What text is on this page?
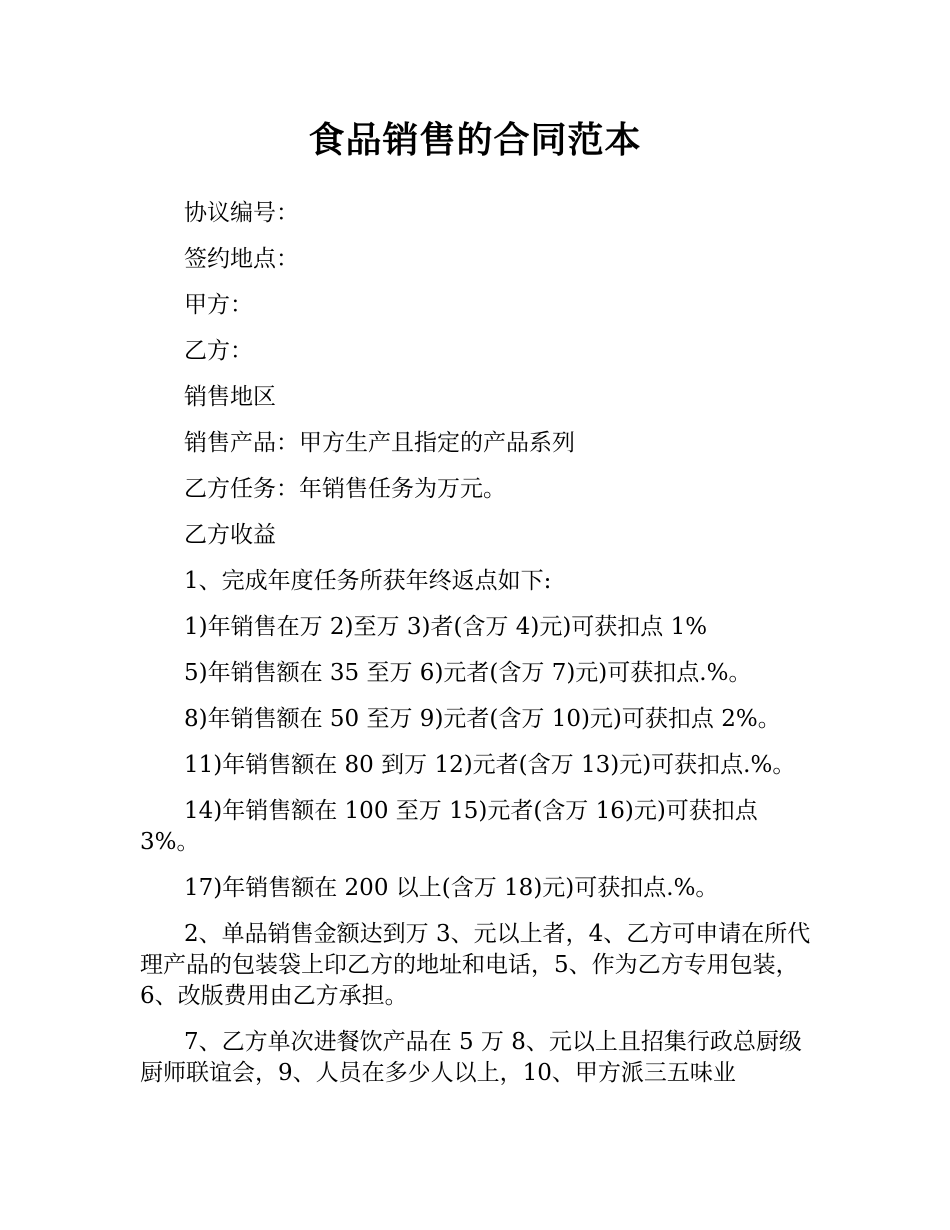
食品销售的合同范本

协议编号：

签约地点：

甲方：

乙方：

销售地区

销售产品：甲方生产且指定的产品系列

乙方任务：年销售任务为万元。

乙方收益

1、完成年度任务所获年终返点如下:

1)年销售在万 2)至万 3)者(含万 4)元)可获扣点 1%

5)年销售额在 35 至万 6)元者(含万 7)元)可获扣点.%。

8)年销售额在 50 至万 9)元者(含万 10)元)可获扣点 2%。

11)年销售额在 80 到万 12)元者(含万 13)元)可获扣点.%。

14)年销售额在 100 至万 15)元者(含万 16)元)可获扣点 3%。

17)年销售额在 200 以上(含万 18)元)可获扣点.%。

2、单品销售金额达到万 3、元以上者，4、乙方可申请在所代理产品的包装袋上印乙方的地址和电话，5、作为乙方专用包装，6、改版费用由乙方承担。

7、乙方单次进餐饮产品在 5 万 8、元以上且招集行政总厨级厨师联谊会，9、人员在多少人以上，10、甲方派三五味业
